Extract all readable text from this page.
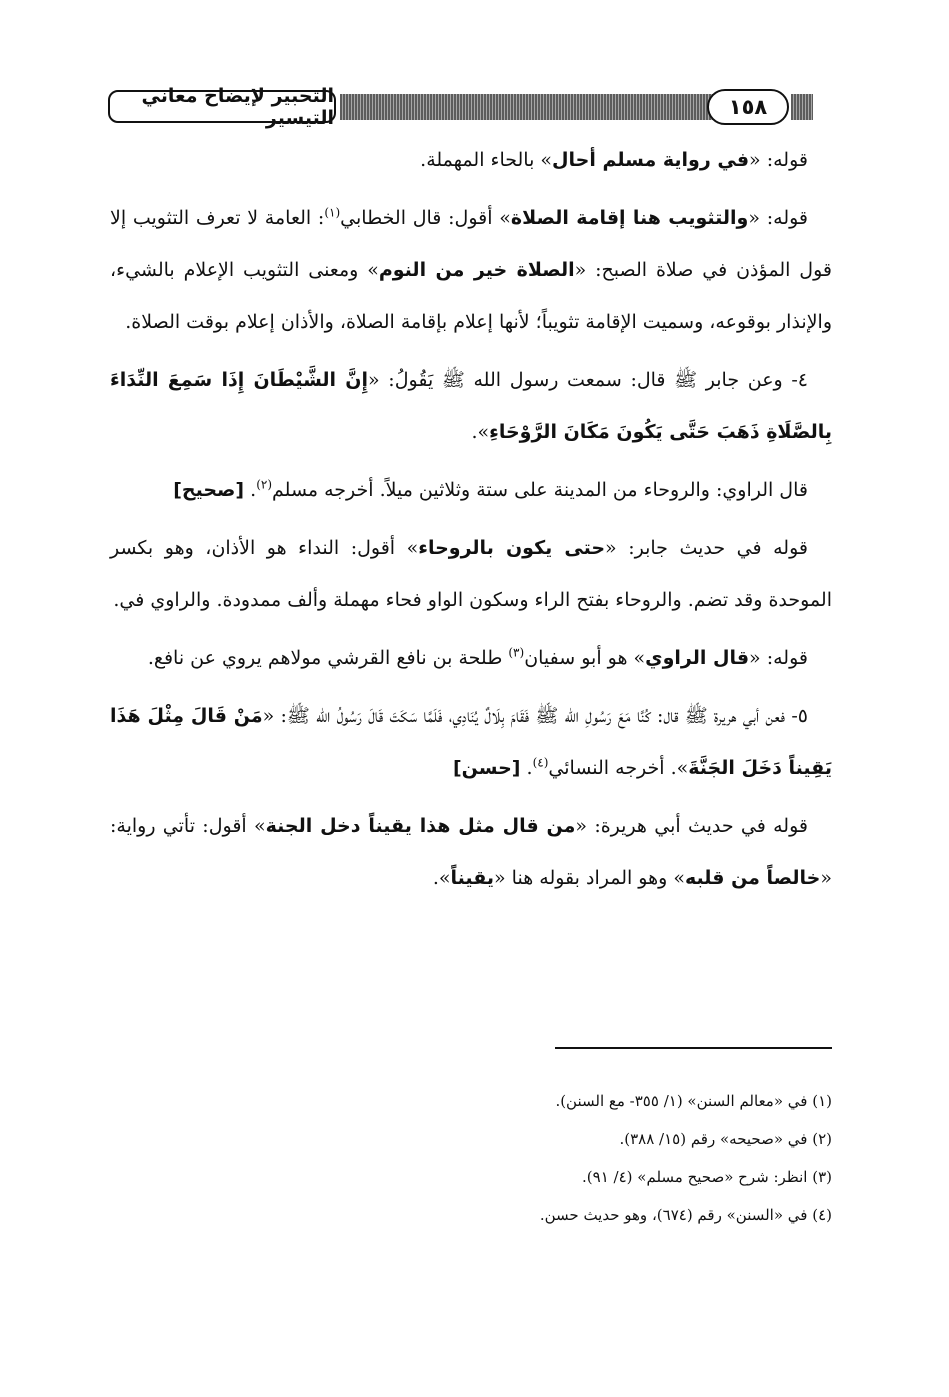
التحبير لإيضاح معاني التيسير	١٥٨

قوله: «في رواية مسلم أحال» بالحاء المهملة.

قوله: «والتثويب هنا إقامة الصلاة» أقول: قال الخطابي$^{(١)}$: العامة لا تعرف التثويب إلا قول المؤذن في صلاة الصبح: «الصلاة خير من النوم» ومعنى التثويب الإعلام بالشيء، والإنذار بوقوعه، وسميت الإقامة تثويباً؛ لأنها إعلام بإقامة الصلاة، والأذان إعلام بوقت الصلاة.

٤- وعن جابر ﷺ قال: سمعت رسول الله ﷺ يَقُولُ: «إِنَّ الشَّيْطَانَ إِذَا سَمِعَ النِّدَاءَ بِالصَّلَاةِ ذَهَبَ حَتَّى يَكُونَ مَكَانَ الرَّوْحَاءِ».

قال الراوي: والروحاء من المدينة على ستة وثلاثين ميلاً. أخرجه مسلم$^{(٢)}$. [صحيح]

قوله في حديث جابر: «حتى يكون بالروحاء» أقول: النداء هو الأذان، وهو بكسر الموحدة وقد تضم. والروحاء بفتح الراء وسكون الواو فحاء مهملة وألف ممدودة. والراوي في.

قوله: «قال الراوي» هو أبو سفيان$^{(٣)}$ طلحة بن نافع القرشي مولاهم يروي عن نافع.

٥- فعن أبي هريرة ﷺ قال: كُنَّا مَعَ رَسُولِ الله ﷺ فَقَامَ بِلَالٌ يُنَادِي، فَلَمَّا سَكَتَ قَالَ رَسُولُ الله ﷺ: «مَنْ قَالَ مِثْلَ هَذَا يَقِيناً دَخَلَ الجَنَّةَ». أخرجه النسائي$^{(٤)}$. [حسن]

قوله في حديث أبي هريرة: «من قال مثل هذا يقيناً دخل الجنة» أقول: تأتي رواية: «خالصاً من قلبه» وهو المراد بقوله هنا «يقيناً».

(١) في «معالم السنن» (١/ ٣٥٥- مع السنن).
(٢) في «صحيحه» رقم (١٥/ ٣٨٨).
(٣) انظر: شرح «صحيح مسلم» (٤/ ٩١).
(٤) في «السنن» رقم (٦٧٤)، وهو حديث حسن.
